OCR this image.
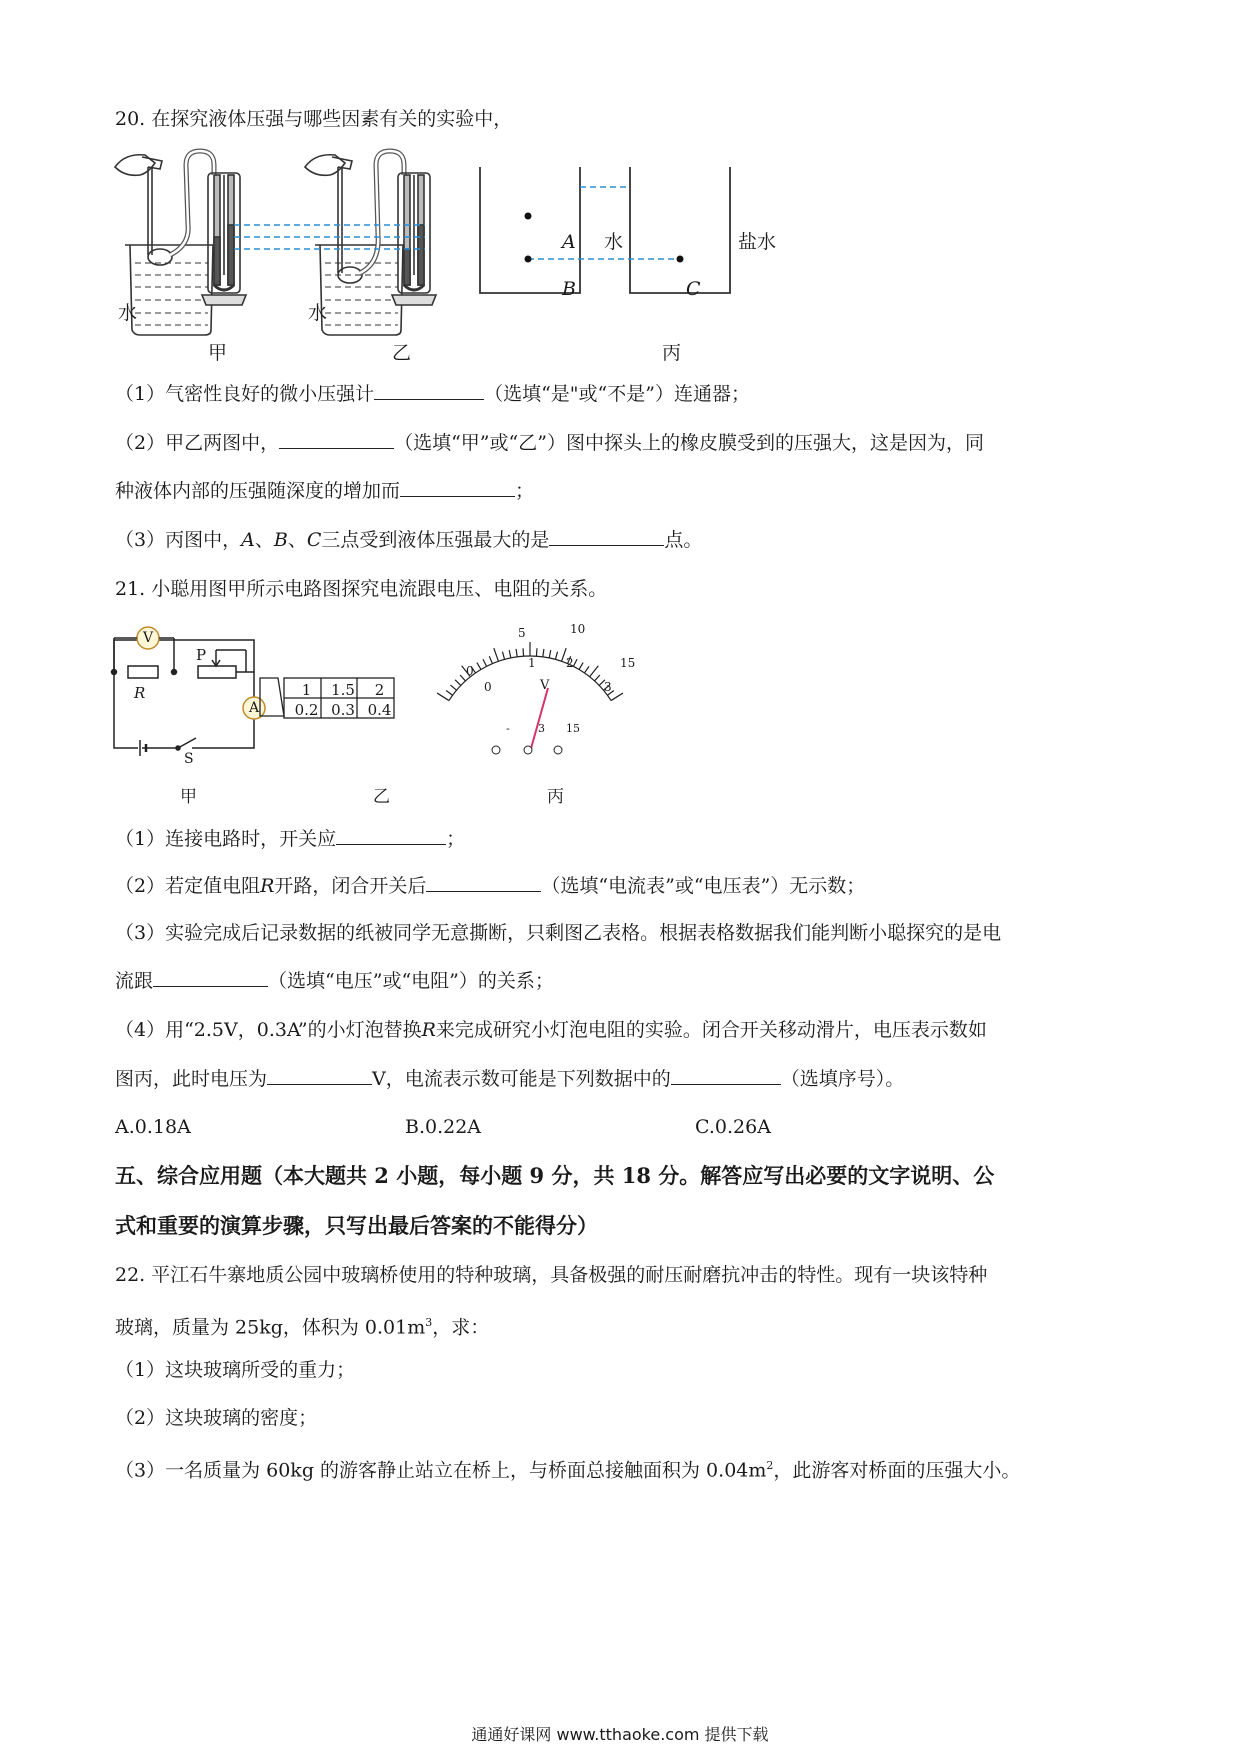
20. 在探究液体压强与哪些因素有关的实验中，
水	水
甲	乙	丙
A 水
B
盐水
C
（1）气密性良好的微小压强计	（选填“是"或“不是”）连通器；
（2）甲乙两图中，	（选填“甲”或“乙”）图中探头上的橡皮膜受到的压强大，这是因为，同
种液体内部的压强随深度的增加而	；
（3）丙图中，A、B、C三点受到液体压强最大的是	点。
21. 小聪用图甲所示电路图探究电流跟电压、电阻的关系。
V
A
R
P
S
1	1.5	2
0.2 0.3 0.4
0
5	10
15
0
1	2
3
V
-	3 15
甲	乙	丙
（1）连接电路时，开关应	；
（2）若定值电阻R开路，闭合开关后	（选填“电流表”或“电压表”）无示数；
（3）实验完成后记录数据的纸被同学无意撕断，只剩图乙表格。根据表格数据我们能判断小聪探究的是电
流跟	（选填“电压”或“电阻”）的关系；
（4）用“2.5V，0.3A”的小灯泡替换R来完成研究小灯泡电阻的实验。闭合开关移动滑片，电压表示数如
图丙，此时电压为	V，电流表示数可能是下列数据中的	（选填序号）。
A.0.18A	B.0.22A	C.0.26A
五、综合应用题（本大题共 2 小题，每小题 9 分，共 18 分。解答应写出必要的文字说明、公
式和重要的演算步骤，只写出最后答案的不能得分）
22. 平江石牛寨地质公园中玻璃桥使用的特种玻璃，具备极强的耐压耐磨抗冲击的特性。现有一块该特种
玻璃，质量为 25kg，体积为 $0.01m^3$，求：
（1）这块玻璃所受的重力；
（2）这块玻璃的密度；
（3）一名质量为 60kg 的游客静止站立在桥上，与桥面总接触面积为 $0.04m^2$，此游客对桥面的压强大小。
通通好课网 www.tthaoke.com 提供下载
